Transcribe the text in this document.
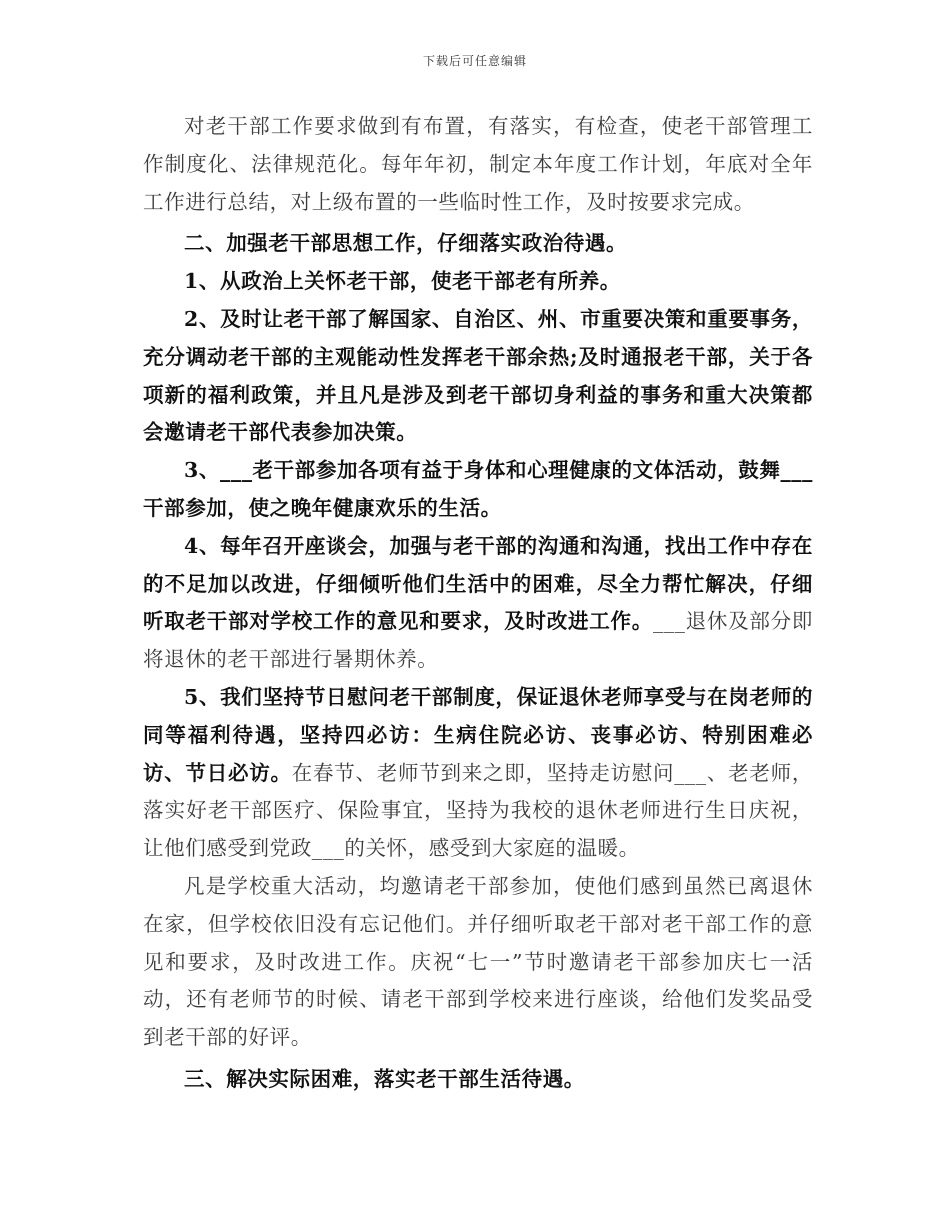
下载后可任意编辑

对老干部工作要求做到有布置，有落实，有检查，使老干部管理工作制度化、法律规范化。每年年初，制定本年度工作计划，年底对全年工作进行总结，对上级布置的一些临时性工作，及时按要求完成。

二、加强老干部思想工作，仔细落实政治待遇。

1、从政治上关怀老干部，使老干部老有所养。

2、及时让老干部了解国家、自治区、州、市重要决策和重要事务，充分调动老干部的主观能动性发挥老干部余热;及时通报老干部，关于各项新的福利政策，并且凡是涉及到老干部切身利益的事务和重大决策都会邀请老干部代表参加决策。

3、___老干部参加各项有益于身体和心理健康的文体活动，鼓舞___干部参加，使之晚年健康欢乐的生活。

4、每年召开座谈会，加强与老干部的沟通和沟通，找出工作中存在的不足加以改进，仔细倾听他们生活中的困难，尽全力帮忙解决，仔细听取老干部对学校工作的意见和要求，及时改进工作。___退休及部分即将退休的老干部进行暑期休养。

5、我们坚持节日慰问老干部制度，保证退休老师享受与在岗老师的同等福利待遇，坚持四必访：生病住院必访、丧事必访、特别困难必访、节日必访。在春节、老师节到来之即，坚持走访慰问___、老老师，落实好老干部医疗、保险事宜，坚持为我校的退休老师进行生日庆祝，让他们感受到党政___的关怀，感受到大家庭的温暖。

凡是学校重大活动，均邀请老干部参加，使他们感到虽然已离退休在家，但学校依旧没有忘记他们。并仔细听取老干部对老干部工作的意见和要求，及时改进工作。庆祝“七一”节时邀请老干部参加庆七一活动，还有老师节的时候、请老干部到学校来进行座谈，给他们发奖品受到老干部的好评。

三、解决实际困难，落实老干部生活待遇。
